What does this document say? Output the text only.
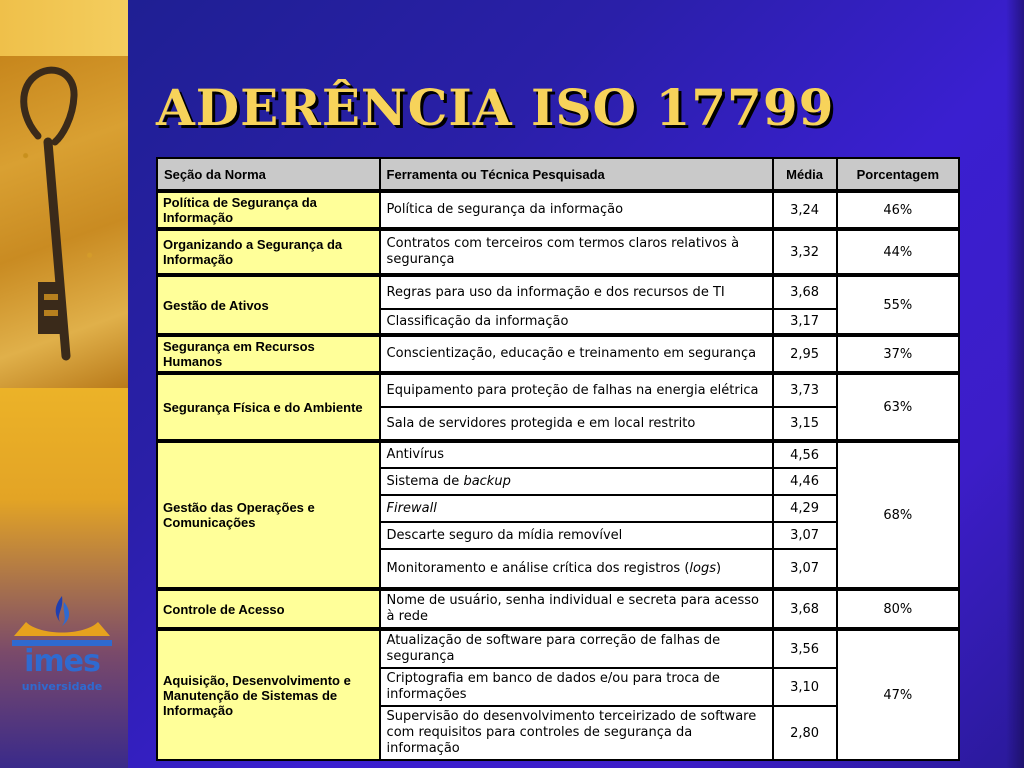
imes
universidade
ADERÊNCIA ISO 17799
Seção da Norma	Ferramenta ou Técnica Pesquisada	Média	Porcentagem
Política de Segurança da Informação	Política de segurança da informação	3,24	46%
Organizando a Segurança da Informação	Contratos com terceiros com termos claros relativos à segurança	3,32	44%
Gestão de Ativos	Regras para uso da informação e dos recursos de TI	3,68	55%
	Classificação da informação	3,17	
Segurança em Recursos Humanos	Conscientização, educação e treinamento em segurança	2,95	37%
Segurança Física e do Ambiente	Equipamento para proteção de falhas na energia elétrica	3,73	63%
	Sala de servidores protegida e em local restrito	3,15	
Gestão das Operações e Comunicações	Antivírus	4,56	68%
	Sistema de backup	4,46	
	Firewall	4,29	
	Descarte seguro da mídia removível	3,07	
	Monitoramento e análise crítica dos registros (logs)	3,07	
Controle de Acesso	Nome de usuário, senha individual e secreta para acesso à rede	3,68	80%
Aquisição, Desenvolvimento e Manutenção de Sistemas de Informação	Atualização de software para correção de falhas de segurança	3,56	47%
	Criptografia em banco de dados e/ou para troca de informações	3,10	
	Supervisão do desenvolvimento terceirizado de software com requisitos para controles de segurança da informação	2,80	
